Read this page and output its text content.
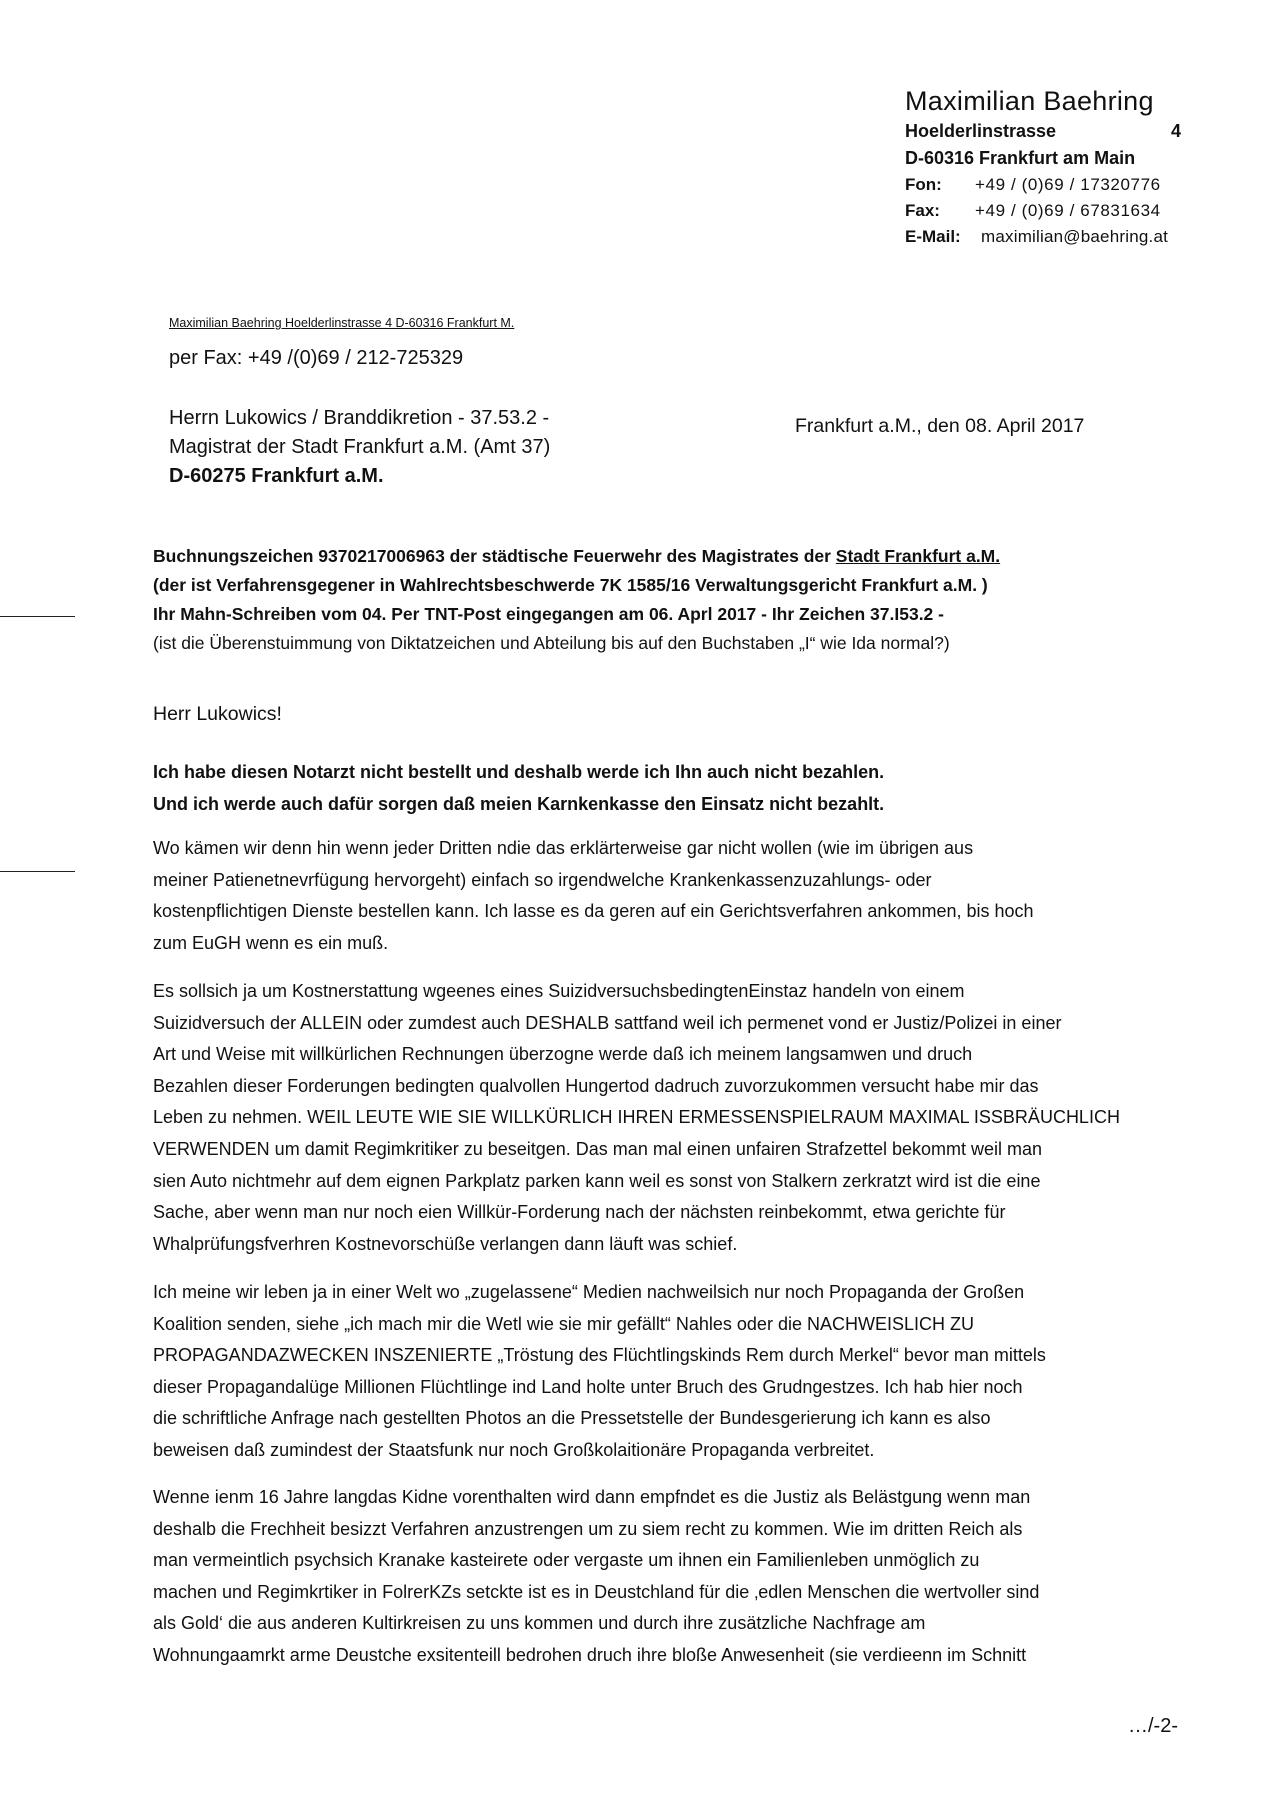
Maximilian Baehring
Hoelderlinstrasse	4
D-60316 Frankfurt am Main
Fon: +49 / (0)69 / 17320776
Fax: +49 / (0)69 / 67831634
E-Mail: maximilian@baehring.at
Maximilian Baehring Hoelderlinstrasse 4 D-60316 Frankfurt M.
per Fax: +49 /(0)69 / 212-725329
Herrn Lukowics / Branddikretion - 37.53.2 -
Magistrat der Stadt Frankfurt a.M. (Amt 37)
D-60275 Frankfurt a.M.
Frankfurt a.M., den 08. April 2017
Buchnungszeichen 9370217006963 der städtische Feuerwehr des Magistrates der Stadt Frankfurt a.M.
(der ist Verfahrensgegener in Wahlrechtsbeschwerde 7K 1585/16 Verwaltungsgericht Frankfurt a.M. )
Ihr Mahn-Schreiben vom 04. Per TNT-Post eingegangen am 06. Aprl 2017 - Ihr Zeichen 37.I53.2 -
(ist die Überenstuimmung von Diktatzeichen und Abteilung bis auf den Buchstaben „I“ wie Ida normal?)
Herr Lukowics!
Ich habe diesen Notarzt nicht bestellt und deshalb werde ich Ihn auch nicht bezahlen.
Und ich werde auch dafür sorgen daß meien Karnkenkasse den Einsatz nicht bezahlt.
Wo kämen wir denn hin wenn jeder Dritten ndie das erklärterweise gar nicht wollen (wie im übrigen aus
meiner Patienetnevrfügung hervorgeht) einfach so irgendwelche Krankenkassenzuzahlungs- oder
kostenpflichtigen Dienste bestellen kann. Ich lasse es da geren auf ein Gerichtsverfahren ankommen, bis hoch
zum EuGH wenn es ein muß.
Es sollsich ja um Kostnerstattung wgeenes eines SuizidversuchsbedingtenEinstaz handeln von einem
Suizidversuch der ALLEIN oder zumdest auch DESHALB sattfand weil ich permenet vond er Justiz/Polizei in einer
Art und Weise mit willkürlichen Rechnungen überzogne werde daß ich meinem langsamwen und druch
Bezahlen dieser Forderungen bedingten qualvollen Hungertod dadruch zuvorzukommen versucht habe mir das
Leben zu nehmen. WEIL LEUTE WIE SIE WILLKÜRLICH IHREN ERMESSENSPIELRAUM MAXIMAL ISSBRÄUCHLICH
VERWENDEN um damit Regimkritiker zu beseitgen. Das man mal einen unfairen Strafzettel bekommt weil man
sien Auto nichtmehr auf dem eignen Parkplatz parken kann weil es sonst von Stalkern zerkratzt wird ist die eine
Sache, aber wenn man nur noch eien Willkür-Forderung nach der nächsten reinbekommt, etwa gerichte für
Whalprüfungsfverhren Kostnevorschüße verlangen dann läuft was schief.
Ich meine wir leben ja in einer Welt wo „zugelassene“ Medien nachweilsich nur noch Propaganda der Großen
Koalition senden, siehe „ich mach mir die Wetl wie sie mir gefällt“ Nahles oder die NACHWEISLICH ZU
PROPAGANDAZWECKEN INSZENIERTE „Tröstung des Flüchtlingskinds Rem durch Merkel“ bevor man mittels
dieser Propagandalüge Millionen Flüchtlinge ind Land holte unter Bruch des Grudngestzes. Ich hab hier noch
die schriftliche Anfrage nach gestellten Photos an die Pressetstelle der Bundesgerierung ich kann es also
beweisen daß zumindest der Staatsfunk nur noch Großkolaitionäre Propaganda verbreitet.
Wenne ienm 16 Jahre langdas Kidne vorenthalten wird dann empfndet es die Justiz als Belästgung wenn man
deshalb die Frechheit besizzt Verfahren anzustrengen um zu siem recht zu kommen. Wie im dritten Reich als
man vermeintlich psychsich Kranake kasteirete oder vergaste um ihnen ein Familienleben unmöglich zu
machen und Regimkrtiker in FolrerKZs setckte ist es in Deustchland für die ‚edlen Menschen die wertvoller sind
als Gold‘ die aus anderen Kultirkreisen zu uns kommen und durch ihre zusätzliche Nachfrage am
Wohnungaamrkt arme Deustche exsitenteill bedrohen druch ihre bloße Anwesenheit (sie verdieenn im Schnitt
…/-2-
